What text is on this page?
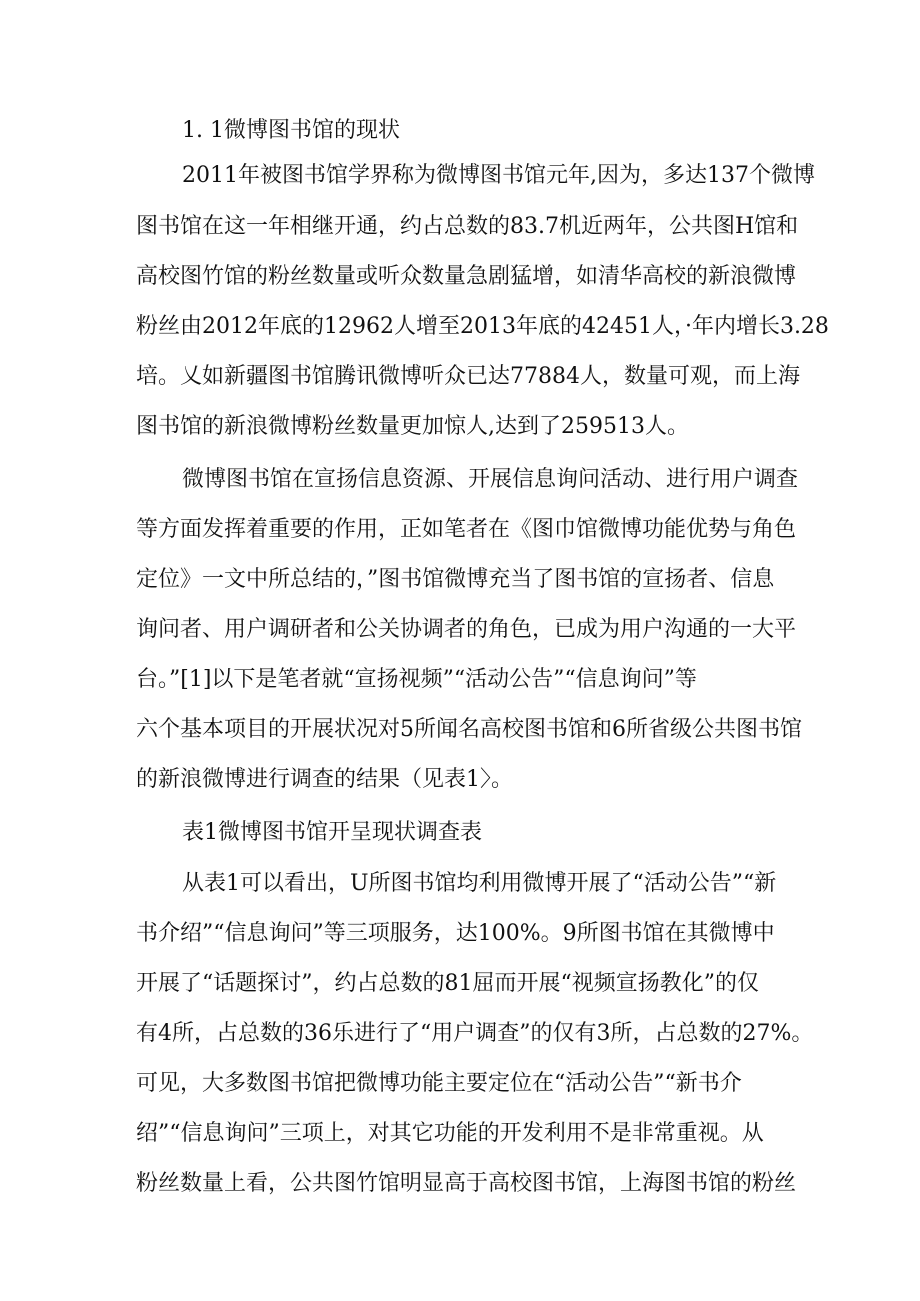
1. 1微博图书馆的现状
2011年被图书馆学界称为微博图书馆元年,因为，多达137个微博
图书馆在这一年相继开通，约占总数的83.7机近两年，公共图H馆和
高校图竹馆的粉丝数量或听众数量急剧猛增，如清华高校的新浪微博
粉丝由2012年底的12962人增至2013年底的42451人，·年内增长3.28
培。乂如新疆图书馆腾讯微博听众已达77884人，数量可观，而上海
图书馆的新浪微博粉丝数量更加惊人,达到了259513人。
微博图书馆在宣扬信息资源、开展信息询问活动、进行用户调查
等方面发挥着重要的作用，正如笔者在《图巾馆微博功能优势与角色
定位》一文中所总结的，”图书馆微博充当了图书馆的宣扬者、信息
询问者、用户调研者和公关协调者的角色，已成为用户沟通的一大平
台。”[1]以下是笔者就“宣扬视频”“活动公告”“信息询问”等
六个基本项目的开展状况对5所闻名高校图书馆和6所省级公共图书馆
的新浪微博进行调查的结果（见表1〉。
表1微博图书馆开呈现状调查表
从表1可以看出，U所图书馆均利用微博开展了“活动公告”“新
书介绍”“信息询问”等三项服务，达100%。9所图书馆在其微博中
开展了“话题探讨”，约占总数的81屈而开展“视频宣扬教化”的仅
有4所，占总数的36乐进行了“用户调查”的仅有3所，占总数的27%。
可见，大多数图书馆把微博功能主要定位在“活动公告”“新书介
绍”“信息询问”三项上，对其它功能的开发利用不是非常重视。从
粉丝数量上看，公共图竹馆明显高于高校图书馆，上海图书馆的粉丝
